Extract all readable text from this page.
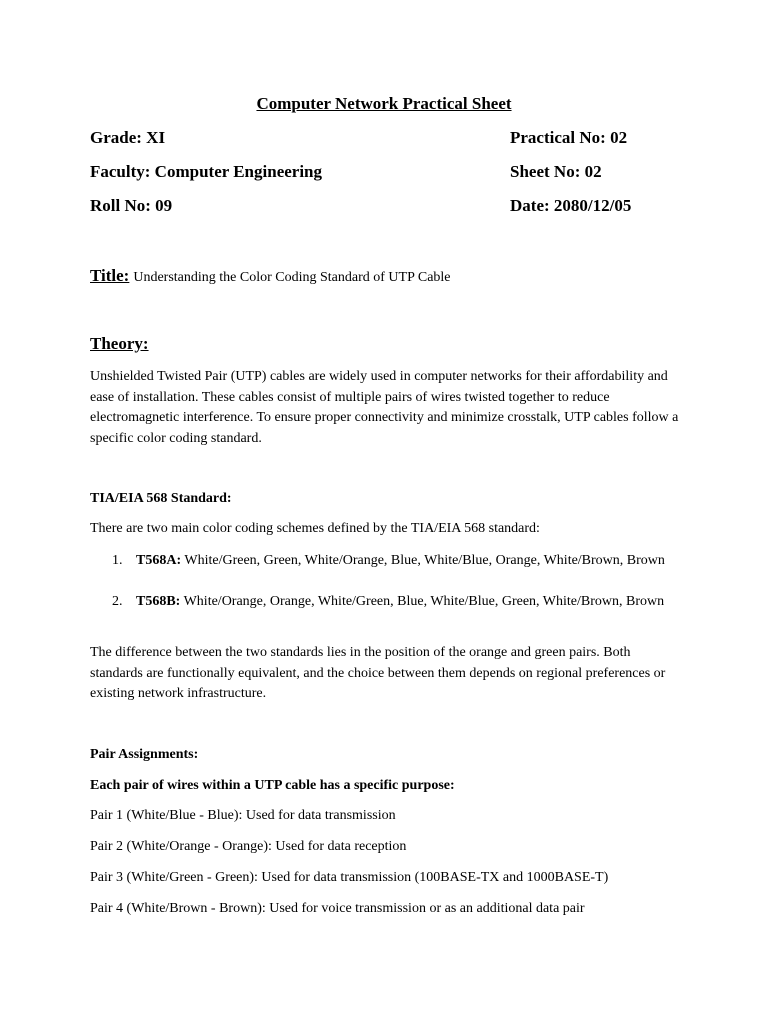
Computer Network Practical Sheet
Grade: XI	Practical No: 02
Faculty: Computer Engineering	Sheet No: 02
Roll No: 09	Date: 2080/12/05
Title: Understanding the Color Coding Standard of UTP Cable
Theory:
Unshielded Twisted Pair (UTP) cables are widely used in computer networks for their affordability and ease of installation. These cables consist of multiple pairs of wires twisted together to reduce electromagnetic interference. To ensure proper connectivity and minimize crosstalk, UTP cables follow a specific color coding standard.
TIA/EIA 568 Standard:
There are two main color coding schemes defined by the TIA/EIA 568 standard:
1. T568A: White/Green, Green, White/Orange, Blue, White/Blue, Orange, White/Brown, Brown
2. T568B: White/Orange, Orange, White/Green, Blue, White/Blue, Green, White/Brown, Brown
The difference between the two standards lies in the position of the orange and green pairs. Both standards are functionally equivalent, and the choice between them depends on regional preferences or existing network infrastructure.
Pair Assignments:
Each pair of wires within a UTP cable has a specific purpose:
Pair 1 (White/Blue - Blue): Used for data transmission
Pair 2 (White/Orange - Orange): Used for data reception
Pair 3 (White/Green - Green): Used for data transmission (100BASE-TX and 1000BASE-T)
Pair 4 (White/Brown - Brown): Used for voice transmission or as an additional data pair
